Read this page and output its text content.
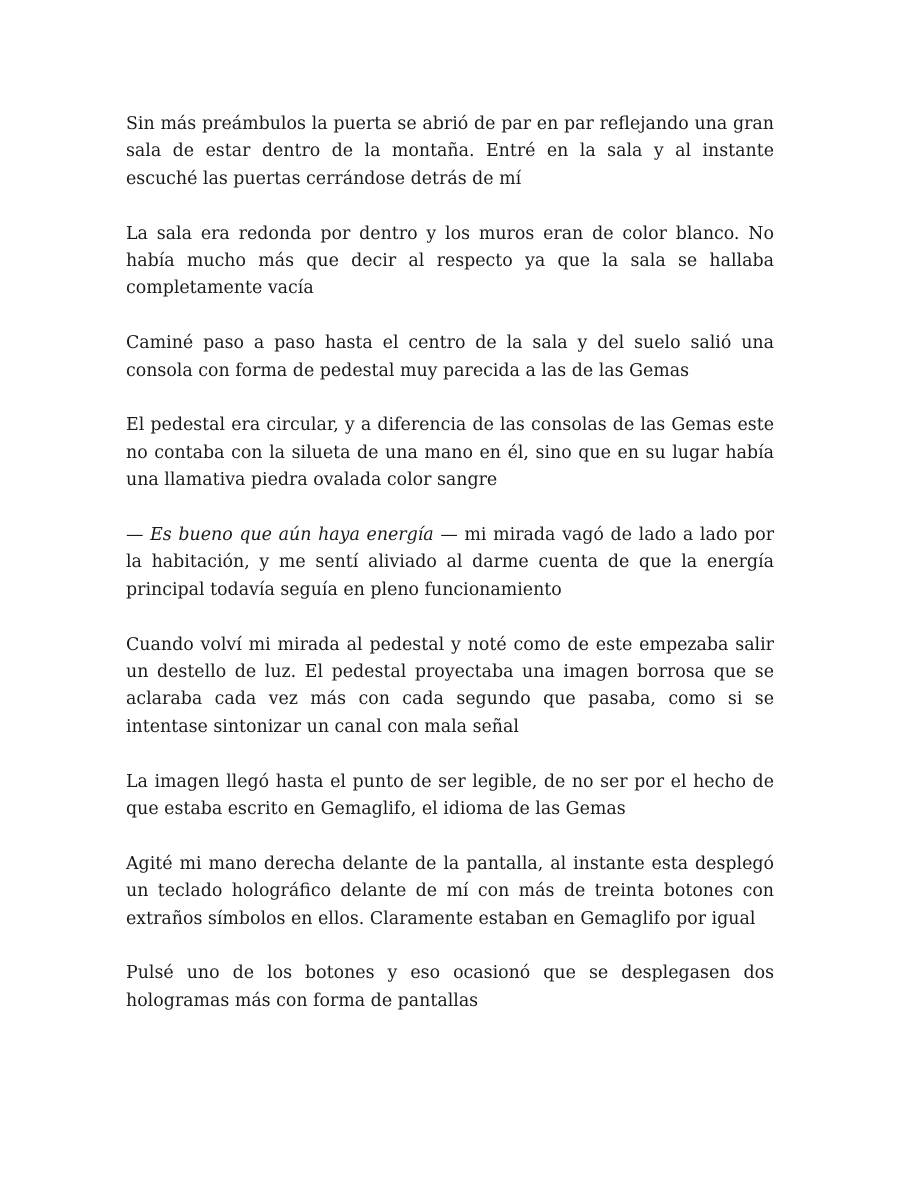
Sin más preámbulos la puerta se abrió de par en par reflejando una gran sala de estar dentro de la montaña. Entré en la sala y al instante escuché las puertas cerrándose detrás de mí

La sala era redonda por dentro y los muros eran de color blanco. No había mucho más que decir al respecto ya que la sala se hallaba completamente vacía

Caminé paso a paso hasta el centro de la sala y del suelo salió una consola con forma de pedestal muy parecida a las de las Gemas

El pedestal era circular, y a diferencia de las consolas de las Gemas este no contaba con la silueta de una mano en él, sino que en su lugar había una llamativa piedra ovalada color sangre

— Es bueno que aún haya energía — mi mirada vagó de lado a lado por la habitación, y me sentí aliviado al darme cuenta de que la energía principal todavía seguía en pleno funcionamiento

Cuando volví mi mirada al pedestal y noté como de este empezaba salir un destello de luz. El pedestal proyectaba una imagen borrosa que se aclaraba cada vez más con cada segundo que pasaba, como si se intentase sintonizar un canal con mala señal

La imagen llegó hasta el punto de ser legible, de no ser por el hecho de que estaba escrito en Gemaglifo, el idioma de las Gemas

Agité mi mano derecha delante de la pantalla, al instante esta desplegó un teclado holográfico delante de mí con más de treinta botones con extraños símbolos en ellos. Claramente estaban en Gemaglifo por igual

Pulsé uno de los botones y eso ocasionó que se desplegasen dos hologramas más con forma de pantallas
